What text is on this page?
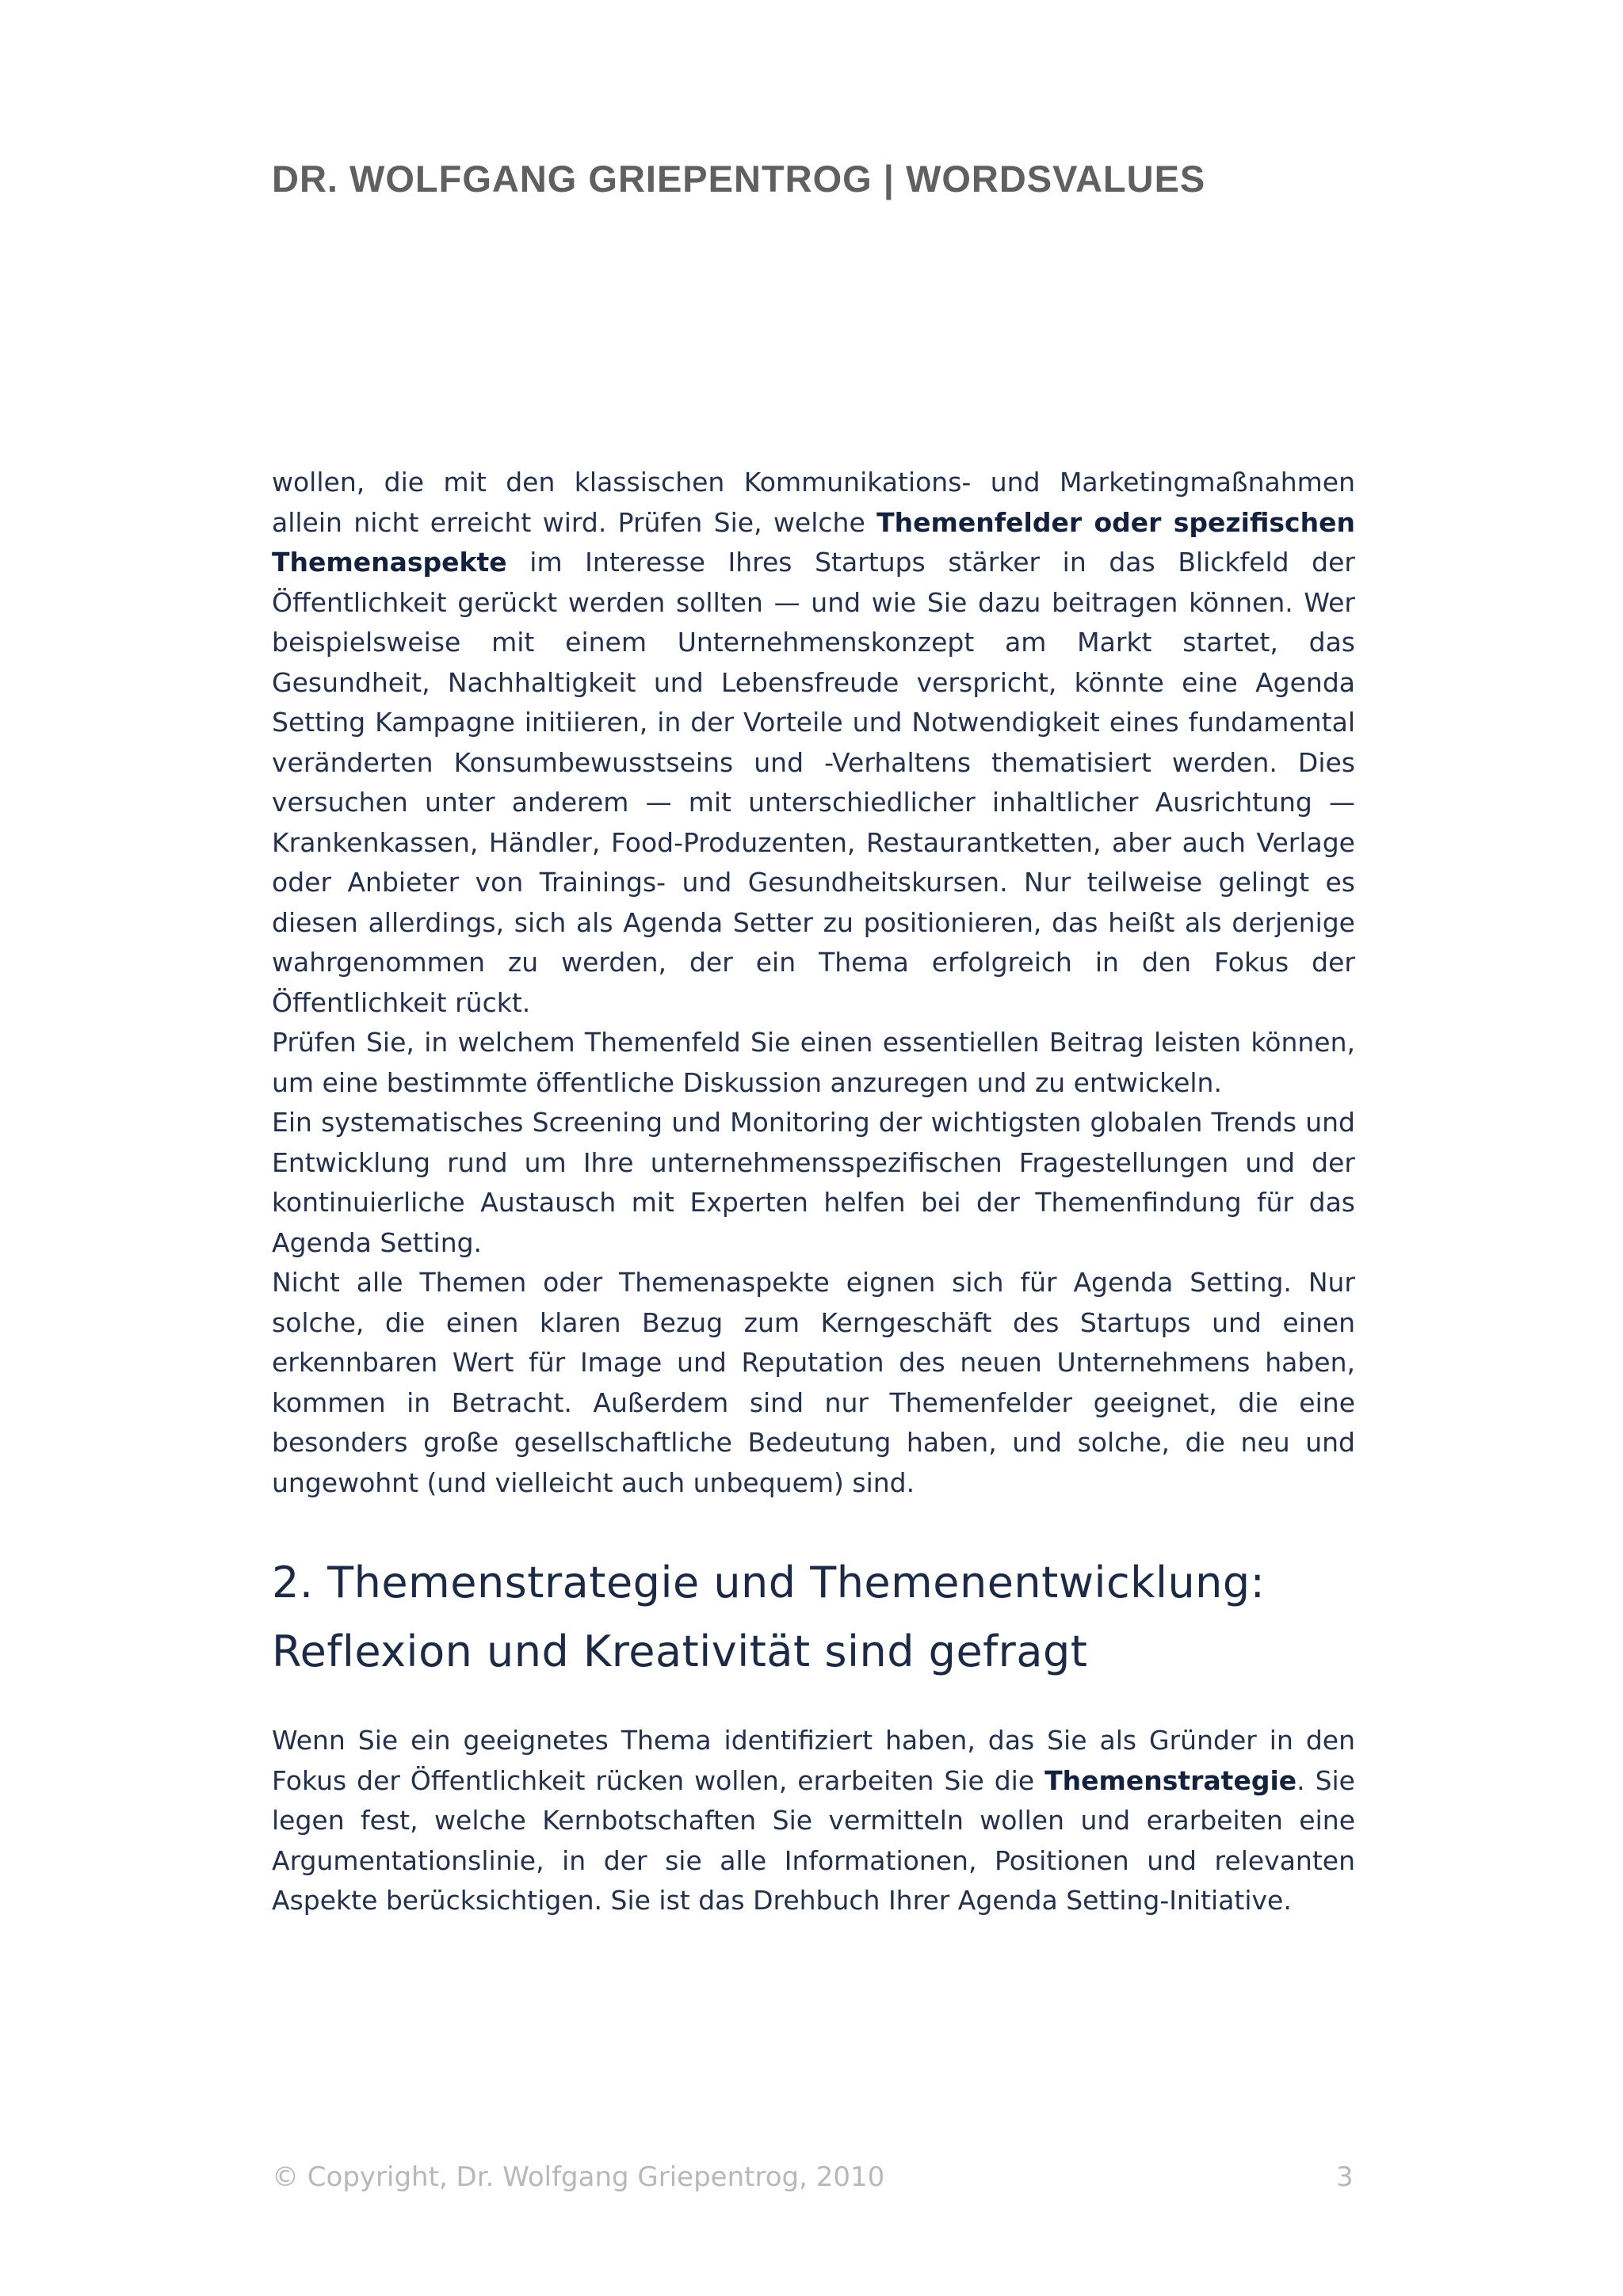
DR. WOLFGANG GRIEPENTROG | WORDSVALUES

wollen, die mit den klassischen Kommunikations- und Marketingmaßnahmen allein nicht erreicht wird. Prüfen Sie, welche Themenfelder oder spezifischen Themenaspekte im Interesse Ihres Startups stärker in das Blickfeld der Öffentlichkeit gerückt werden sollten — und wie Sie dazu beitragen können. Wer beispielsweise mit einem Unternehmenskonzept am Markt startet, das Gesundheit, Nachhaltigkeit und Lebensfreude verspricht, könnte eine Agenda Setting Kampagne initiieren, in der Vorteile und Notwendigkeit eines fundamental veränderten Konsumbewusstseins und -Verhaltens thematisiert werden. Dies versuchen unter anderem — mit unterschiedlicher inhaltlicher Ausrichtung — Krankenkassen, Händler, Food-Produzenten, Restaurantketten, aber auch Verlage oder Anbieter von Trainings- und Gesundheitskursen. Nur teilweise gelingt es diesen allerdings, sich als Agenda Setter zu positionieren, das heißt als derjenige wahrgenommen zu werden, der ein Thema erfolgreich in den Fokus der Öffentlichkeit rückt.

Prüfen Sie, in welchem Themenfeld Sie einen essentiellen Beitrag leisten können, um eine bestimmte öffentliche Diskussion anzuregen und zu entwickeln.

Ein systematisches Screening und Monitoring der wichtigsten globalen Trends und Entwicklung rund um Ihre unternehmensspezifischen Fragestellungen und der kontinuierliche Austausch mit Experten helfen bei der Themenfindung für das Agenda Setting.

Nicht alle Themen oder Themenaspekte eignen sich für Agenda Setting. Nur solche, die einen klaren Bezug zum Kerngeschäft des Startups und einen erkennbaren Wert für Image und Reputation des neuen Unternehmens haben, kommen in Betracht. Außerdem sind nur Themenfelder geeignet, die eine besonders große gesellschaftliche Bedeutung haben, und solche, die neu und ungewohnt (und vielleicht auch unbequem) sind.

2. Themenstrategie und Themenentwicklung:
Reflexion und Kreativität sind gefragt

Wenn Sie ein geeignetes Thema identifiziert haben, das Sie als Gründer in den Fokus der Öffentlichkeit rücken wollen, erarbeiten Sie die Themenstrategie. Sie legen fest, welche Kernbotschaften Sie vermitteln wollen und erarbeiten eine Argumentationslinie, in der sie alle Informationen, Positionen und relevanten Aspekte berücksichtigen. Sie ist das Drehbuch Ihrer Agenda Setting-Initiative.

© Copyright, Dr. Wolfgang Griepentrog, 2010	3
